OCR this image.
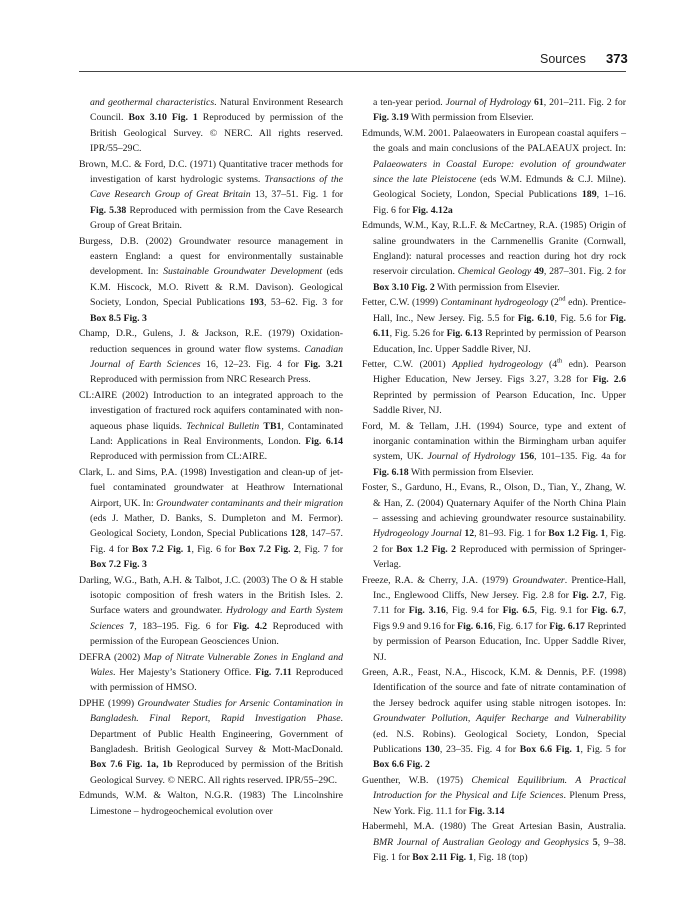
Sources 373

and geothermal characteristics. Natural Environment Research Council. Box 3.10 Fig. 1 Reproduced by permission of the British Geological Survey. © NERC. All rights reserved. IPR/55–29C.

Brown, M.C. & Ford, D.C. (1971) Quantitative tracer methods for investigation of karst hydrologic systems. Transactions of the Cave Research Group of Great Britain 13, 37–51. Fig. 1 for Fig. 5.38 Reproduced with permission from the Cave Research Group of Great Britain.

Burgess, D.B. (2002) Groundwater resource management in eastern England: a quest for environmentally sustainable development. In: Sustainable Groundwater Development (eds K.M. Hiscock, M.O. Rivett & R.M. Davison). Geological Society, London, Special Publications 193, 53–62. Fig. 3 for Box 8.5 Fig. 3

Champ, D.R., Gulens, J. & Jackson, R.E. (1979) Oxidation-reduction sequences in ground water flow systems. Canadian Journal of Earth Sciences 16, 12–23. Fig. 4 for Fig. 3.21 Reproduced with permission from NRC Research Press.

CL:AIRE (2002) Introduction to an integrated approach to the investigation of fractured rock aquifers contaminated with non-aqueous phase liquids. Technical Bulletin TB1, Contaminated Land: Applications in Real Environments, London. Fig. 6.14 Reproduced with permission from CL:AIRE.

Clark, L. and Sims, P.A. (1998) Investigation and clean-up of jet-fuel contaminated groundwater at Heathrow International Airport, UK. In: Groundwater contaminants and their migration (eds J. Mather, D. Banks, S. Dumpleton and M. Fermor). Geological Society, London, Special Publications 128, 147–57. Fig. 4 for Box 7.2 Fig. 1, Fig. 6 for Box 7.2 Fig. 2, Fig. 7 for Box 7.2 Fig. 3

Darling, W.G., Bath, A.H. & Talbot, J.C. (2003) The O & H stable isotopic composition of fresh waters in the British Isles. 2. Surface waters and groundwater. Hydrology and Earth System Sciences 7, 183–195. Fig. 6 for Fig. 4.2 Reproduced with permission of the European Geosciences Union.

DEFRA (2002) Map of Nitrate Vulnerable Zones in England and Wales. Her Majesty’s Stationery Office. Fig. 7.11 Reproduced with permission of HMSO.

DPHE (1999) Groundwater Studies for Arsenic Contamination in Bangladesh. Final Report, Rapid Investigation Phase. Department of Public Health Engineering, Government of Bangladesh. British Geological Survey & Mott-MacDonald. Box 7.6 Fig. 1a, 1b Reproduced by permission of the British Geological Survey. © NERC. All rights reserved. IPR/55–29C.

Edmunds, W.M. & Walton, N.G.R. (1983) The Lincolnshire Limestone – hydrogeochemical evolution over

a ten-year period. Journal of Hydrology 61, 201–211. Fig. 2 for Fig. 3.19 With permission from Elsevier.

Edmunds, W.M. 2001. Palaeowaters in European coastal aquifers – the goals and main conclusions of the PALAEAUX project. In: Palaeowaters in Coastal Europe: evolution of groundwater since the late Pleistocene (eds W.M. Edmunds & C.J. Milne). Geological Society, London, Special Publications 189, 1–16. Fig. 6 for Fig. 4.12a

Edmunds, W.M., Kay, R.L.F. & McCartney, R.A. (1985) Origin of saline groundwaters in the Carnmenellis Granite (Cornwall, England): natural processes and reaction during hot dry rock reservoir circulation. Chemical Geology 49, 287–301. Fig. 2 for Box 3.10 Fig. 2 With permission from Elsevier.

Fetter, C.W. (1999) Contaminant hydrogeology (2nd edn). Prentice-Hall, Inc., New Jersey. Fig. 5.5 for Fig. 6.10, Fig. 5.6 for Fig. 6.11, Fig. 5.26 for Fig. 6.13 Reprinted by permission of Pearson Education, Inc. Upper Saddle River, NJ.

Fetter, C.W. (2001) Applied hydrogeology (4th edn). Pearson Higher Education, New Jersey. Figs 3.27, 3.28 for Fig. 2.6 Reprinted by permission of Pearson Education, Inc. Upper Saddle River, NJ.

Ford, M. & Tellam, J.H. (1994) Source, type and extent of inorganic contamination within the Birmingham urban aquifer system, UK. Journal of Hydrology 156, 101–135. Fig. 4a for Fig. 6.18 With permission from Elsevier.

Foster, S., Garduno, H., Evans, R., Olson, D., Tian, Y., Zhang, W. & Han, Z. (2004) Quaternary Aquifer of the North China Plain – assessing and achieving groundwater resource sustainability. Hydrogeology Journal 12, 81–93. Fig. 1 for Box 1.2 Fig. 1, Fig. 2 for Box 1.2 Fig. 2 Reproduced with permission of Springer-Verlag.

Freeze, R.A. & Cherry, J.A. (1979) Groundwater. Prentice-Hall, Inc., Englewood Cliffs, New Jersey. Fig. 2.8 for Fig. 2.7, Fig. 7.11 for Fig. 3.16, Fig. 9.4 for Fig. 6.5, Fig. 9.1 for Fig. 6.7, Figs 9.9 and 9.16 for Fig. 6.16, Fig. 6.17 for Fig. 6.17 Reprinted by permission of Pearson Education, Inc. Upper Saddle River, NJ.

Green, A.R., Feast, N.A., Hiscock, K.M. & Dennis, P.F. (1998) Identification of the source and fate of nitrate contamination of the Jersey bedrock aquifer using stable nitrogen isotopes. In: Groundwater Pollution, Aquifer Recharge and Vulnerability (ed. N.S. Robins). Geological Society, London, Special Publications 130, 23–35. Fig. 4 for Box 6.6 Fig. 1, Fig. 5 for Box 6.6 Fig. 2

Guenther, W.B. (1975) Chemical Equilibrium. A Practical Introduction for the Physical and Life Sciences. Plenum Press, New York. Fig. 11.1 for Fig. 3.14

Habermehl, M.A. (1980) The Great Artesian Basin, Australia. BMR Journal of Australian Geology and Geophysics 5, 9–38. Fig. 1 for Box 2.11 Fig. 1, Fig. 18 (top)
